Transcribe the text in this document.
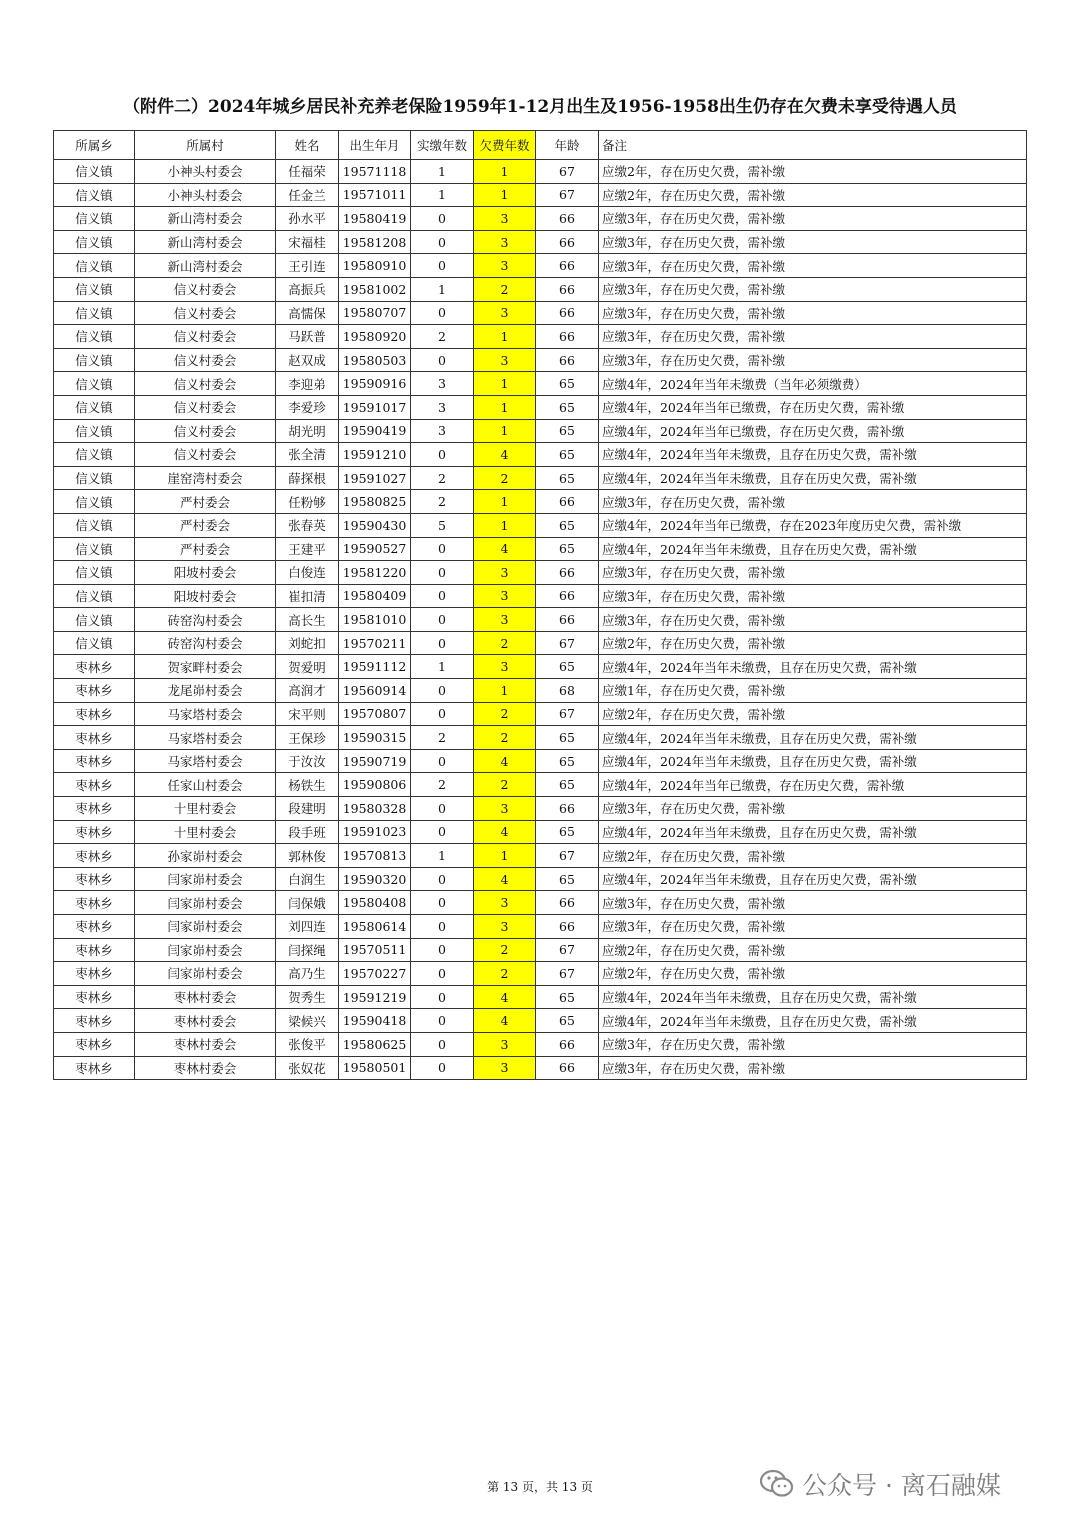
（附件二）2024年城乡居民补充养老保险1959年1-12月出生及1956-1958出生仍存在欠费未享受待遇人员
所属乡	所属村	姓名	出生年月	实缴年数	欠费年数	年龄	备注
信义镇	小神头村委会	任福荣	19571118	1	1	67	应缴2年，存在历史欠费，需补缴
信义镇	小神头村委会	任金兰	19571011	1	1	67	应缴2年，存在历史欠费，需补缴
信义镇	新山湾村委会	孙水平	19580419	0	3	66	应缴3年，存在历史欠费，需补缴
信义镇	新山湾村委会	宋福桂	19581208	0	3	66	应缴3年，存在历史欠费，需补缴
信义镇	新山湾村委会	王引连	19580910	0	3	66	应缴3年，存在历史欠费，需补缴
信义镇	信义村委会	高振兵	19581002	1	2	66	应缴3年，存在历史欠费，需补缴
信义镇	信义村委会	高懦保	19580707	0	3	66	应缴3年，存在历史欠费，需补缴
信义镇	信义村委会	马跃普	19580920	2	1	66	应缴3年，存在历史欠费，需补缴
信义镇	信义村委会	赵双成	19580503	0	3	66	应缴3年，存在历史欠费，需补缴
信义镇	信义村委会	李迎弟	19590916	3	1	65	应缴4年，2024年当年未缴费（当年必须缴费）
信义镇	信义村委会	李爱珍	19591017	3	1	65	应缴4年，2024年当年已缴费，存在历史欠费，需补缴
信义镇	信义村委会	胡光明	19590419	3	1	65	应缴4年，2024年当年已缴费，存在历史欠费，需补缴
信义镇	信义村委会	张全清	19591210	0	4	65	应缴4年，2024年当年未缴费，且存在历史欠费，需补缴
信义镇	崖窑湾村委会	薛探根	19591027	2	2	65	应缴4年，2024年当年未缴费，且存在历史欠费，需补缴
信义镇	严村委会	任粉够	19580825	2	1	66	应缴3年，存在历史欠费，需补缴
信义镇	严村委会	张春英	19590430	5	1	65	应缴4年，2024年当年已缴费，存在2023年度历史欠费，需补缴
信义镇	严村委会	王建平	19590527	0	4	65	应缴4年，2024年当年未缴费，且存在历史欠费，需补缴
信义镇	阳坡村委会	白俊连	19581220	0	3	66	应缴3年，存在历史欠费，需补缴
信义镇	阳坡村委会	崔扣清	19580409	0	3	66	应缴3年，存在历史欠费，需补缴
信义镇	砖窑沟村委会	高长生	19581010	0	3	66	应缴3年，存在历史欠费，需补缴
信义镇	砖窑沟村委会	刘蛇扣	19570211	0	2	67	应缴2年，存在历史欠费，需补缴
枣林乡	贺家畔村委会	贺爱明	19591112	1	3	65	应缴4年，2024年当年未缴费，且存在历史欠费，需补缴
枣林乡	龙尾峁村委会	高润才	19560914	0	1	68	应缴1年，存在历史欠费，需补缴
枣林乡	马家塔村委会	宋平则	19570807	0	2	67	应缴2年，存在历史欠费，需补缴
枣林乡	马家塔村委会	王保珍	19590315	2	2	65	应缴4年，2024年当年未缴费，且存在历史欠费，需补缴
枣林乡	马家塔村委会	于汝汝	19590719	0	4	65	应缴4年，2024年当年未缴费，且存在历史欠费，需补缴
枣林乡	任家山村委会	杨铁生	19590806	2	2	65	应缴4年，2024年当年已缴费，存在历史欠费，需补缴
枣林乡	十里村委会	段建明	19580328	0	3	66	应缴3年，存在历史欠费，需补缴
枣林乡	十里村委会	段手班	19591023	0	4	65	应缴4年，2024年当年未缴费，且存在历史欠费，需补缴
枣林乡	孙家峁村委会	郭林俊	19570813	1	1	67	应缴2年，存在历史欠费，需补缴
枣林乡	闫家峁村委会	白润生	19590320	0	4	65	应缴4年，2024年当年未缴费，且存在历史欠费，需补缴
枣林乡	闫家峁村委会	闫保娥	19580408	0	3	66	应缴3年，存在历史欠费，需补缴
枣林乡	闫家峁村委会	刘四连	19580614	0	3	66	应缴3年，存在历史欠费，需补缴
枣林乡	闫家峁村委会	闫探绳	19570511	0	2	67	应缴2年，存在历史欠费，需补缴
枣林乡	闫家峁村委会	高乃生	19570227	0	2	67	应缴2年，存在历史欠费，需补缴
枣林乡	枣林村委会	贺秀生	19591219	0	4	65	应缴4年，2024年当年未缴费，且存在历史欠费，需补缴
枣林乡	枣林村委会	梁候兴	19590418	0	4	65	应缴4年，2024年当年未缴费，且存在历史欠费，需补缴
枣林乡	枣林村委会	张俊平	19580625	0	3	66	应缴3年，存在历史欠费，需补缴
枣林乡	枣林村委会	张奴花	19580501	0	3	66	应缴3年，存在历史欠费，需补缴
第 13 页，共 13 页	公众号 · 离石融媒
